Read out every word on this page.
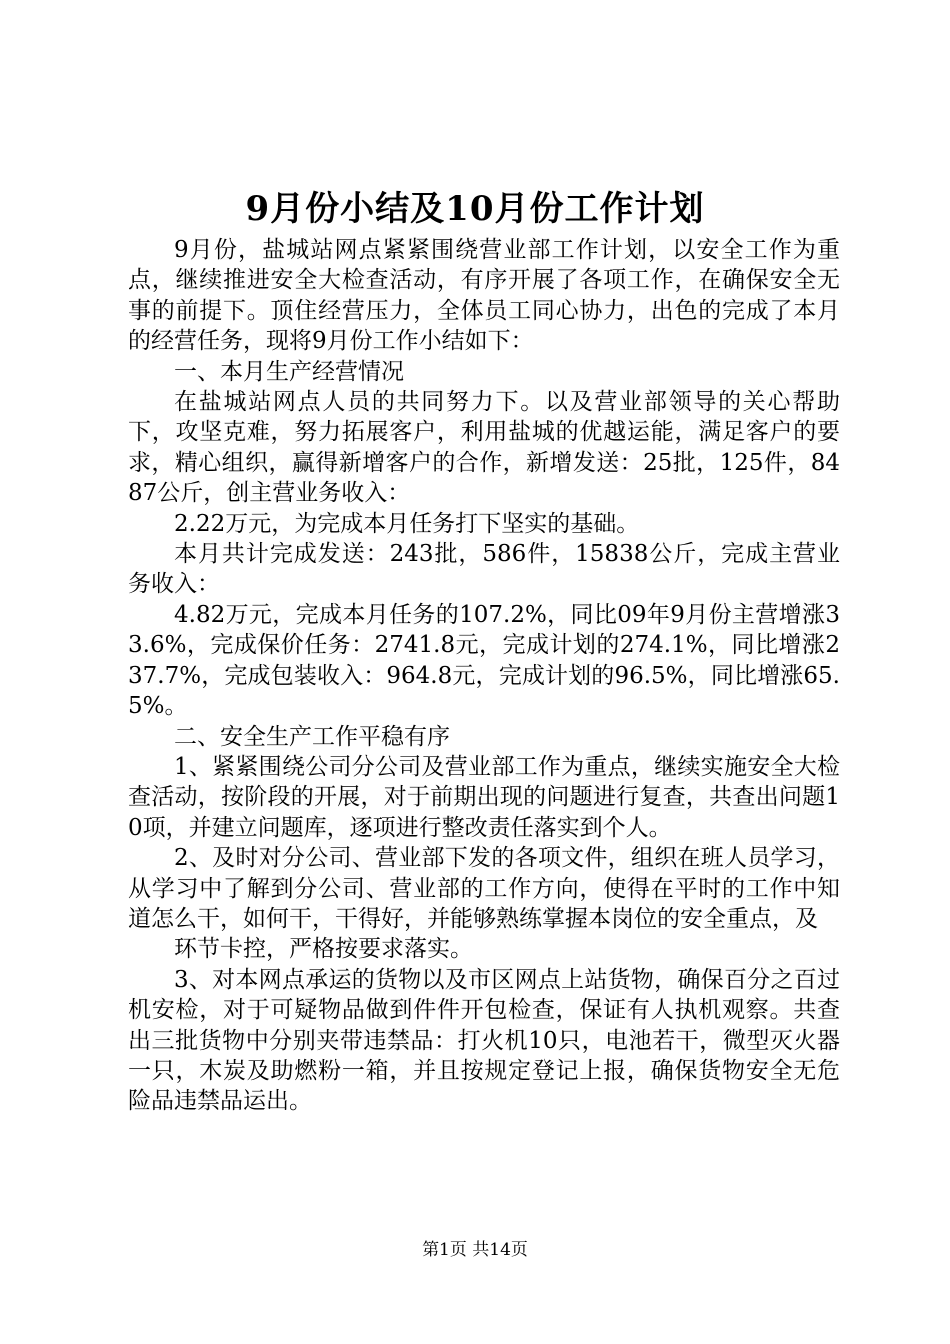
9月份小结及10月份工作计划

9月份，盐城站网点紧紧围绕营业部工作计划，以安全工作为重点，继续推进安全大检查活动，有序开展了各项工作，在确保安全无事的前提下。顶住经营压力，全体员工同心协力，出色的完成了本月的经营任务，现将9月份工作小结如下：

一、本月生产经营情况

在盐城站网点人员的共同努力下。以及营业部领导的关心帮助下，攻坚克难，努力拓展客户，利用盐城的优越运能，满足客户的要求，精心组织，赢得新增客户的合作，新增发送：25批，125件，8487公斤，创主营业务收入：

2.22万元，为完成本月任务打下坚实的基础。

本月共计完成发送：243批，586件，15838公斤，完成主营业务收入：

4.82万元，完成本月任务的107.2%，同比09年9月份主营增涨33.6%，完成保价任务：2741.8元，完成计划的274.1%，同比增涨237.7%，完成包装收入：964.8元，完成计划的96.5%，同比增涨65.5%。

二、安全生产工作平稳有序

1、紧紧围绕公司分公司及营业部工作为重点，继续实施安全大检查活动，按阶段的开展，对于前期出现的问题进行复查，共查出问题10项，并建立问题库，逐项进行整改责任落实到个人。

2、及时对分公司、营业部下发的各项文件，组织在班人员学习，从学习中了解到分公司、营业部的工作方向，使得在平时的工作中知道怎么干，如何干，干得好，并能够熟练掌握本岗位的安全重点，及

环节卡控，严格按要求落实。

3、对本网点承运的货物以及市区网点上站货物，确保百分之百过机安检，对于可疑物品做到件件开包检查，保证有人执机观察。共查出三批货物中分别夹带违禁品：打火机10只，电池若干，微型灭火器一只，木炭及助燃粉一箱，并且按规定登记上报，确保货物安全无危险品违禁品运出。

第1页 共14页
